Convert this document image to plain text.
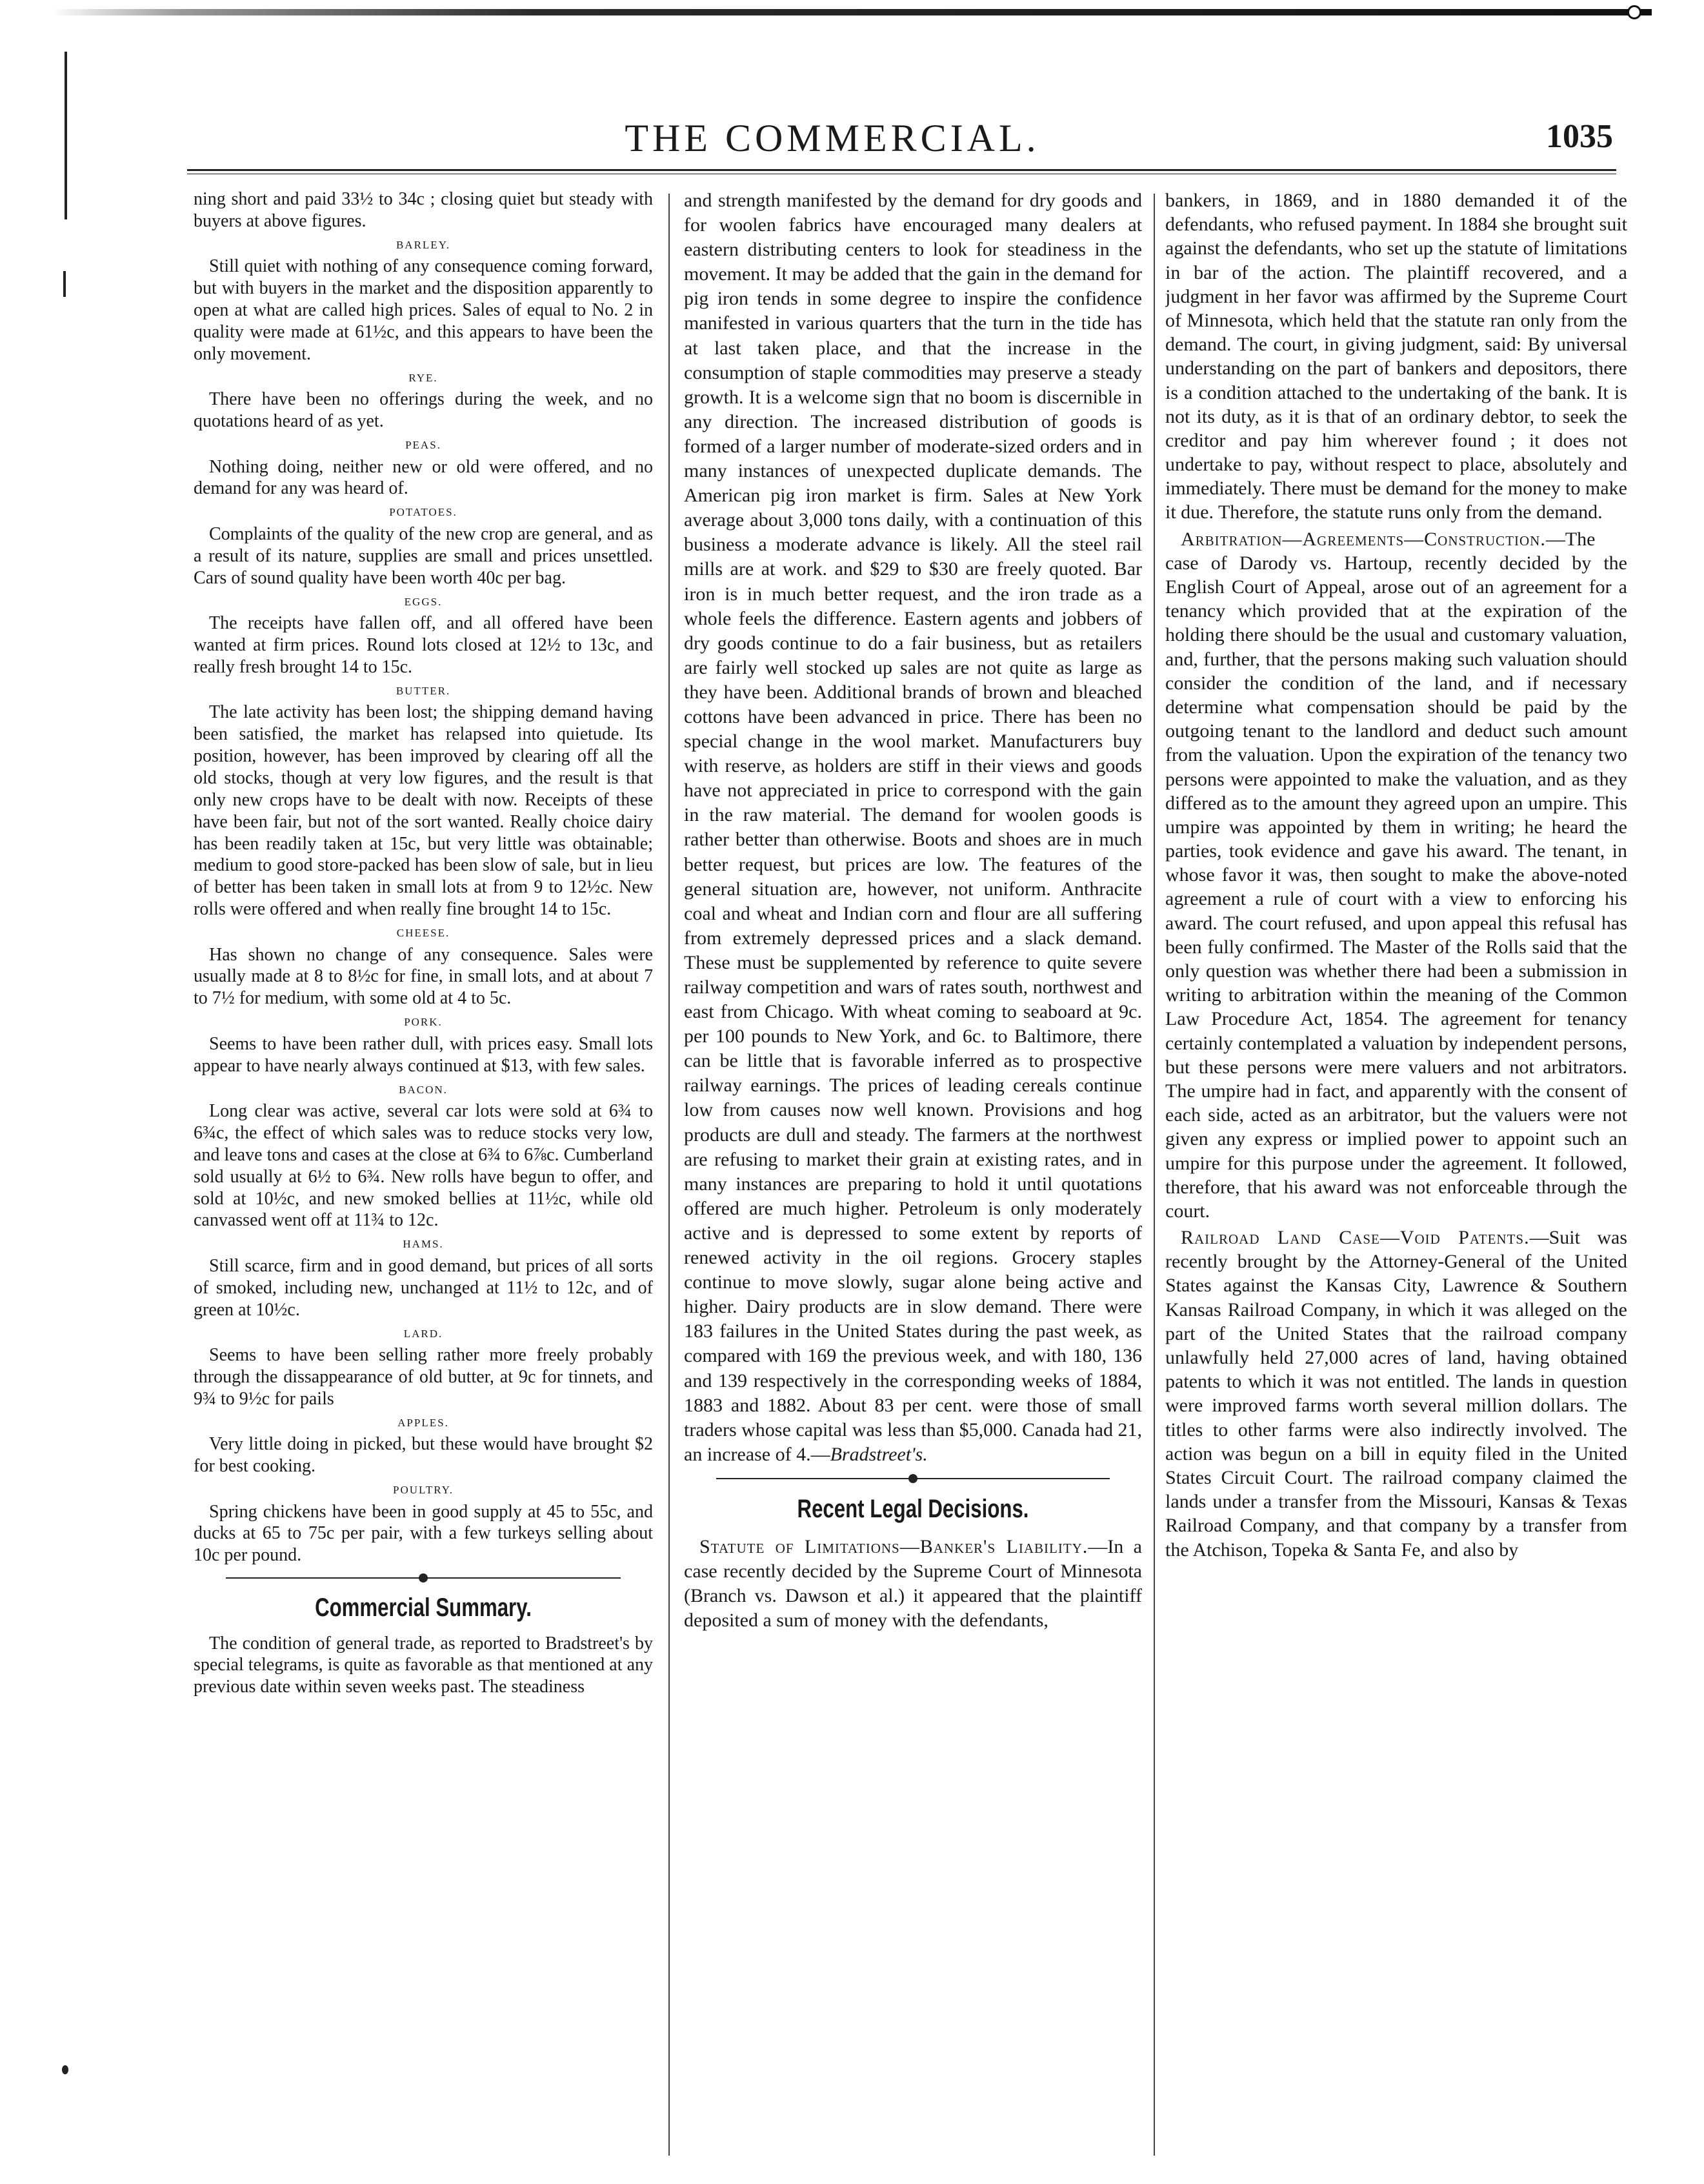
THE COMMERCIAL.	1035

ning short and paid 33½ to 34c ; closing quiet but steady with buyers at above figures.

BARLEY.

Still quiet with nothing of any consequence coming forward, but with buyers in the market and the disposition apparently to open at what are called high prices. Sales of equal to No. 2 in quality were made at 61½c, and this appears to have been the only movement.

RYE.

There have been no offerings during the week, and no quotations heard of as yet.

PEAS.

Nothing doing, neither new or old were offered, and no demand for any was heard of.

POTATOES.

Complaints of the quality of the new crop are general, and as a result of its nature, supplies are small and prices unsettled. Cars of sound quality have been worth 40c per bag.

EGGS.

The receipts have fallen off, and all offered have been wanted at firm prices. Round lots closed at 12½ to 13c, and really fresh brought 14 to 15c.

BUTTER.

The late activity has been lost; the shipping demand having been satisfied, the market has relapsed into quietude. Its position, however, has been improved by clearing off all the old stocks, though at very low figures, and the result is that only new crops have to be dealt with now. Receipts of these have been fair, but not of the sort wanted. Really choice dairy has been readily taken at 15c, but very little was obtainable; medium to good store-packed has been slow of sale, but in lieu of better has been taken in small lots at from 9 to 12½c. New rolls were offered and when really fine brought 14 to 15c.

CHEESE.

Has shown no change of any consequence. Sales were usually made at 8 to 8½c for fine, in small lots, and at about 7 to 7½ for medium, with some old at 4 to 5c.

PORK.

Seems to have been rather dull, with prices easy. Small lots appear to have nearly always continued at $13, with few sales.

BACON.

Long clear was active, several car lots were sold at 6¾ to 6¾c, the effect of which sales was to reduce stocks very low, and leave tons and cases at the close at 6¾ to 6⅞c. Cumberland sold usually at 6½ to 6¾. New rolls have begun to offer, and sold at 10½c, and new smoked bellies at 11½c, while old canvassed went off at 11¾ to 12c.

HAMS.

Still scarce, firm and in good demand, but prices of all sorts of smoked, including new, unchanged at 11½ to 12c, and of green at 10½c.

LARD.

Seems to have been selling rather more freely probably through the dissappearance of old butter, at 9c for tinnets, and 9¾ to 9½c for pails

APPLES.

Very little doing in picked, but these would have brought $2 for best cooking.

POULTRY.

Spring chickens have been in good supply at 45 to 55c, and ducks at 65 to 75c per pair, with a few turkeys selling about 10c per pound.

Commercial Summary.

The condition of general trade, as reported to Bradstreet's by special telegrams, is quite as favorable as that mentioned at any previous date within seven weeks past. The steadiness

and strength manifested by the demand for dry goods and for woolen fabrics have encouraged many dealers at eastern distributing centers to look for steadiness in the movement. It may be added that the gain in the demand for pig iron tends in some degree to inspire the confidence manifested in various quarters that the turn in the tide has at last taken place, and that the increase in the consumption of staple commodities may preserve a steady growth. It is a welcome sign that no boom is discernible in any direction. The increased distribution of goods is formed of a larger number of moderate-sized orders and in many instances of unexpected duplicate demands. The American pig iron market is firm. Sales at New York average about 3,000 tons daily, with a continuation of this business a moderate advance is likely. All the steel rail mills are at work. and $29 to $30 are freely quoted. Bar iron is in much better request, and the iron trade as a whole feels the difference. Eastern agents and jobbers of dry goods continue to do a fair business, but as retailers are fairly well stocked up sales are not quite as large as they have been. Additional brands of brown and bleached cottons have been advanced in price. There has been no special change in the wool market. Manufacturers buy with reserve, as holders are stiff in their views and goods have not appreciated in price to correspond with the gain in the raw material. The demand for woolen goods is rather better than otherwise. Boots and shoes are in much better request, but prices are low. The features of the general situation are, however, not uniform. Anthracite coal and wheat and Indian corn and flour are all suffering from extremely depressed prices and a slack demand. These must be supplemented by reference to quite severe railway competition and wars of rates south, northwest and east from Chicago. With wheat coming to seaboard at 9c. per 100 pounds to New York, and 6c. to Baltimore, there can be little that is favorable inferred as to prospective railway earnings. The prices of leading cereals continue low from causes now well known. Provisions and hog products are dull and steady. The farmers at the northwest are refusing to market their grain at existing rates, and in many instances are preparing to hold it until quotations offered are much higher. Petroleum is only moderately active and is depressed to some extent by reports of renewed activity in the oil regions. Grocery staples continue to move slowly, sugar alone being active and higher. Dairy products are in slow demand. There were 183 failures in the United States during the past week, as compared with 169 the previous week, and with 180, 136 and 139 respectively in the corresponding weeks of 1884, 1883 and 1882. About 83 per cent. were those of small traders whose capital was less than $5,000. Canada had 21, an increase of 4.—Bradstreet's.

Recent Legal Decisions.

Statute of Limitations—Banker's Liability.—In a case recently decided by the Supreme Court of Minnesota (Branch vs. Dawson et al.) it appeared that the plaintiff deposited a sum of money with the defendants,

bankers, in 1869, and in 1880 demanded it of the defendants, who refused payment. In 1884 she brought suit against the defendants, who set up the statute of limitations in bar of the action. The plaintiff recovered, and a judgment in her favor was affirmed by the Supreme Court of Minnesota, which held that the statute ran only from the demand. The court, in giving judgment, said: By universal understanding on the part of bankers and depositors, there is a condition attached to the undertaking of the bank. It is not its duty, as it is that of an ordinary debtor, to seek the creditor and pay him wherever found ; it does not undertake to pay, without respect to place, absolutely and immediately. There must be demand for the money to make it due. Therefore, the statute runs only from the demand.

Arbitration—Agreements—Construction.—The case of Darody vs. Hartoup, recently decided by the English Court of Appeal, arose out of an agreement for a tenancy which provided that at the expiration of the holding there should be the usual and customary valuation, and, further, that the persons making such valuation should consider the condition of the land, and if necessary determine what compensation should be paid by the outgoing tenant to the landlord and deduct such amount from the valuation. Upon the expiration of the tenancy two persons were appointed to make the valuation, and as they differed as to the amount they agreed upon an umpire. This umpire was appointed by them in writing; he heard the parties, took evidence and gave his award. The tenant, in whose favor it was, then sought to make the above-noted agreement a rule of court with a view to enforcing his award. The court refused, and upon appeal this refusal has been fully confirmed. The Master of the Rolls said that the only question was whether there had been a submission in writing to arbitration within the meaning of the Common Law Procedure Act, 1854. The agreement for tenancy certainly contemplated a valuation by independent persons, but these persons were mere valuers and not arbitrators. The umpire had in fact, and apparently with the consent of each side, acted as an arbitrator, but the valuers were not given any express or implied power to appoint such an umpire for this purpose under the agreement. It followed, therefore, that his award was not enforceable through the court.

Railroad Land Case—Void Patents.—Suit was recently brought by the Attorney-General of the United States against the Kansas City, Lawrence & Southern Kansas Railroad Company, in which it was alleged on the part of the United States that the railroad company unlawfully held 27,000 acres of land, having obtained patents to which it was not entitled. The lands in question were improved farms worth several million dollars. The titles to other farms were also indirectly involved. The action was begun on a bill in equity filed in the United States Circuit Court. The railroad company claimed the lands under a transfer from the Missouri, Kansas & Texas Railroad Company, and that company by a transfer from the Atchison, Topeka & Santa Fe, and also by
